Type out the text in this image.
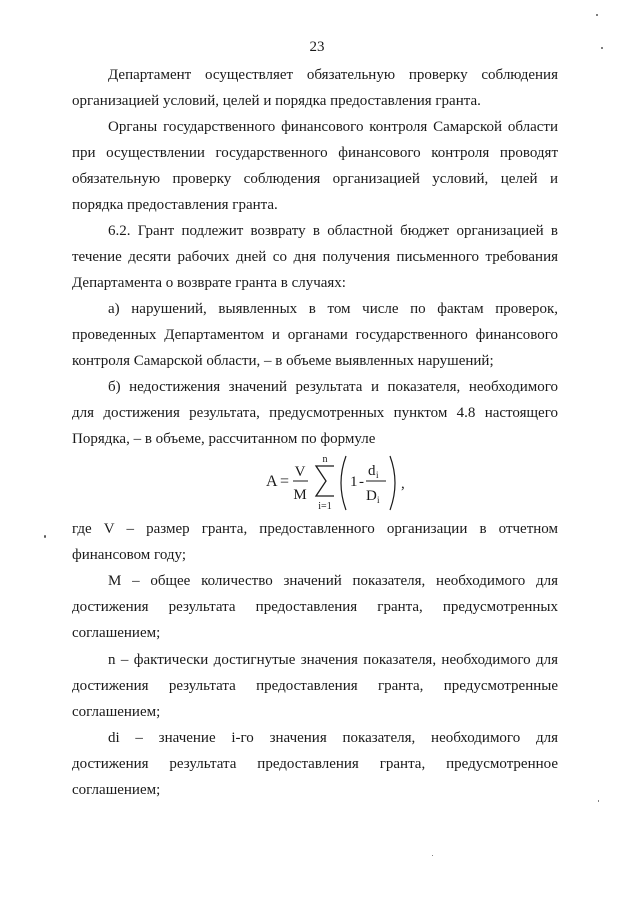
23
Департамент осуществляет обязательную проверку соблюдения
организацией условий, целей и порядка предоставления гранта.
Органы государственного финансового контроля Самарской области
при осуществлении государственного финансового контроля проводят
обязательную проверку соблюдения организацией условий, целей и
порядка предоставления гранта.
6.2. Грант подлежит возврату в областной бюджет организацией в
течение десяти рабочих дней со дня получения письменного требования
Департамента о возврате гранта в случаях:
а) нарушений, выявленных в том числе по фактам проверок,
проведенных Департаментом и органами государственного финансового
контроля Самарской области, – в объеме выявленных нарушений;
б) недостижения значений результата и показателя, необходимого
для достижения результата, предусмотренных пунктом 4.8 настоящего
Порядка, – в объеме, рассчитанном по формуле
A =
V
M
n
i=1
1 -
d i
D i
,
где V – размер гранта, предоставленного организации в отчетном
финансовом году;
M – общее количество значений показателя, необходимого для
достижения результата предоставления гранта, предусмотренных
соглашением;
n – фактически достигнутые значения показателя, необходимого для
достижения результата предоставления гранта, предусмотренные
соглашением;
di – значение i-го значения показателя, необходимого для
достижения результата предоставления гранта, предусмотренное
соглашением;
